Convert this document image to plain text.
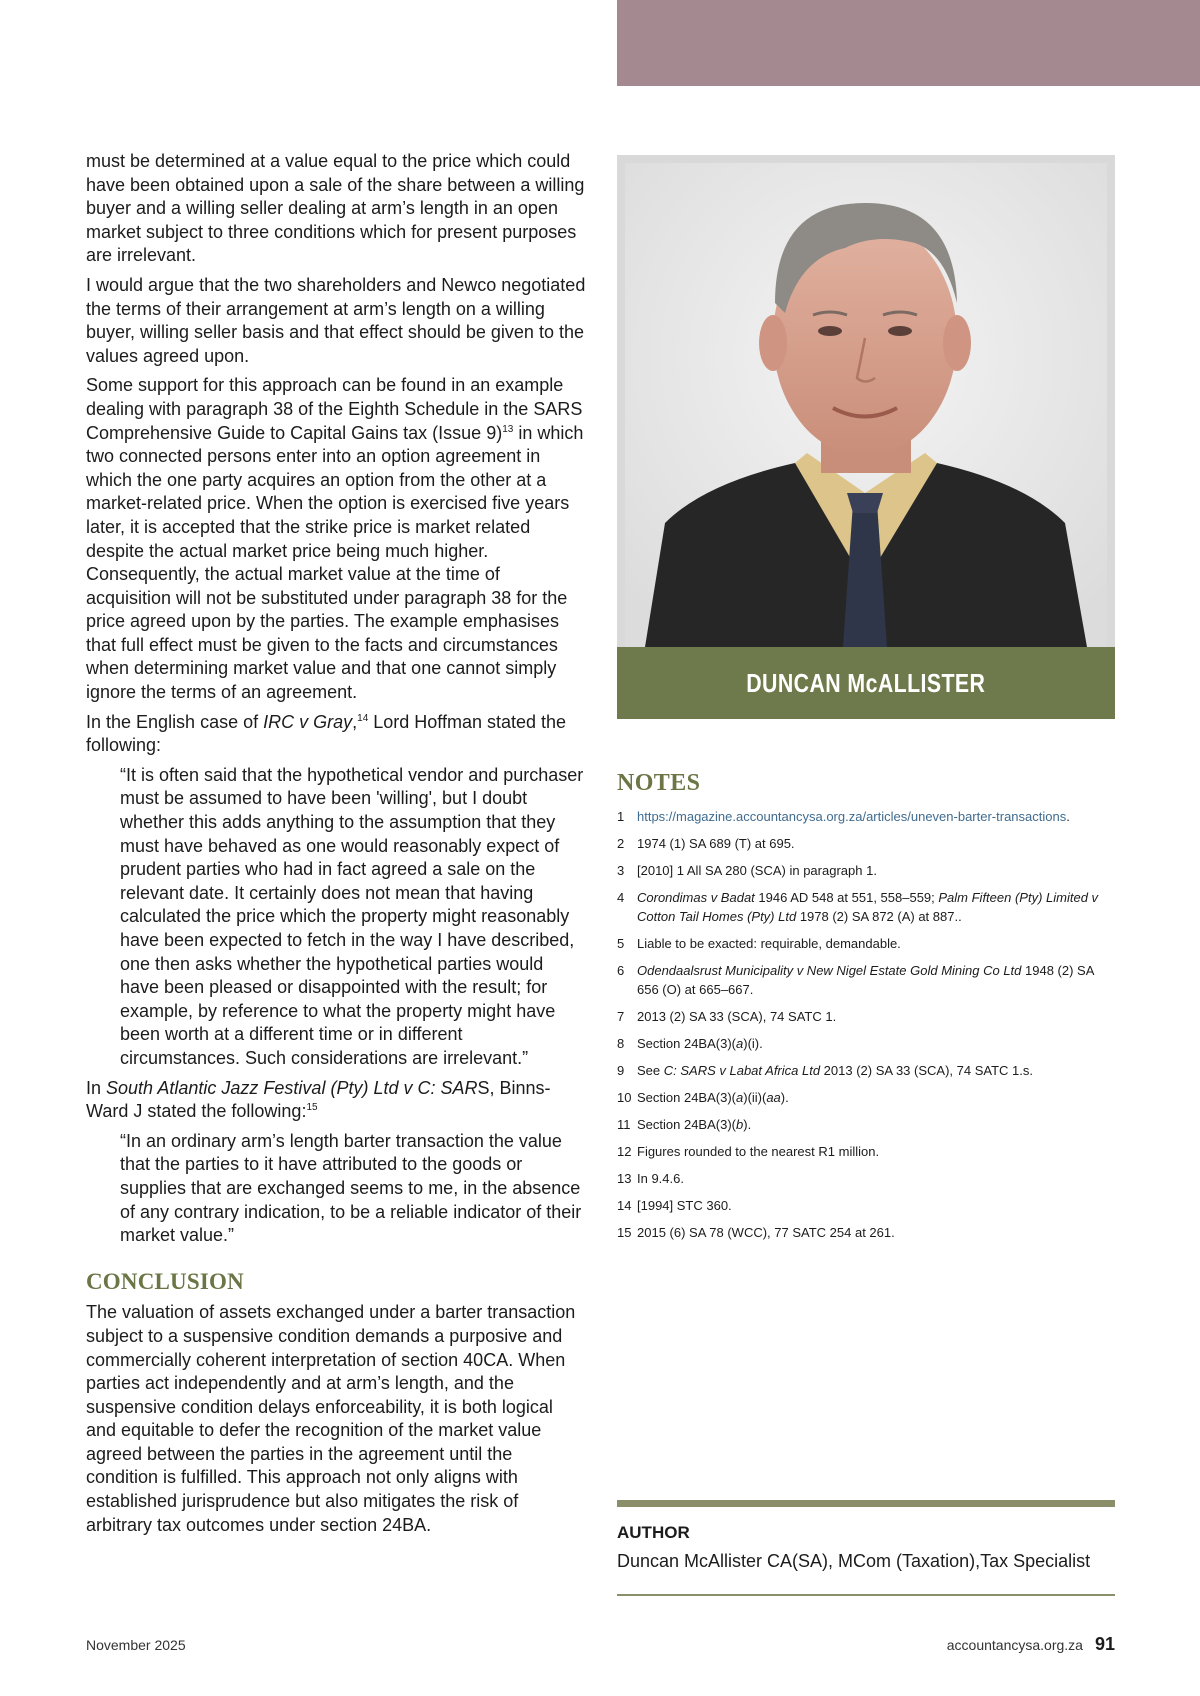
must be determined at a value equal to the price which could have been obtained upon a sale of the share between a willing buyer and a willing seller dealing at arm’s length in an open market subject to three conditions which for present purposes are irrelevant.

I would argue that the two shareholders and Newco negotiated the terms of their arrangement at arm’s length on a willing buyer, willing seller basis and that effect should be given to the values agreed upon.

Some support for this approach can be found in an example dealing with paragraph 38 of the Eighth Schedule in the SARS Comprehensive Guide to Capital Gains tax (Issue 9)$^{13}$ in which two connected persons enter into an option agreement in which the one party acquires an option from the other at a market-related price. When the option is exercised five years later, it is accepted that the strike price is market related despite the actual market price being much higher. Consequently, the actual market value at the time of acquisition will not be substituted under paragraph 38 for the price agreed upon by the parties. The example emphasises that full effect must be given to the facts and circumstances when determining market value and that one cannot simply ignore the terms of an agreement.

In the English case of IRC v Gray,$^{14}$ Lord Hoffman stated the following:

“It is often said that the hypothetical vendor and purchaser must be assumed to have been 'willing', but I doubt whether this adds anything to the assumption that they must have behaved as one would reasonably expect of prudent parties who had in fact agreed a sale on the relevant date. It certainly does not mean that having calculated the price which the property might reasonably have been expected to fetch in the way I have described, one then asks whether the hypothetical parties would have been pleased or disappointed with the result; for example, by reference to what the property might have been worth at a different time or in different circumstances. Such considerations are irrelevant.”

In South Atlantic Jazz Festival (Pty) Ltd v C: SARS, Binns-Ward J stated the following:$^{15}$

“In an ordinary arm’s length barter transaction the value that the parties to it have attributed to the goods or supplies that are exchanged seems to me, in the absence of any contrary indication, to be a reliable indicator of their market value.”

CONCLUSION

The valuation of assets exchanged under a barter transaction subject to a suspensive condition demands a purposive and commercially coherent interpretation of section 40CA. When parties act independently and at arm’s length, and the suspensive condition delays enforceability, it is both logical and equitable to defer the recognition of the market value agreed between the parties in the agreement until the condition is fulfilled. This approach not only aligns with established jurisprudence but also mitigates the risk of arbitrary tax outcomes under section 24BA.

DUNCAN McALLISTER
NOTES
1 https://magazine.accountancysa.org.za/articles/uneven-barter-transactions.
2 1974 (1) SA 689 (T) at 695.
3 [2010] 1 All SA 280 (SCA) in paragraph 1.
4 Corondimas v Badat 1946 AD 548 at 551, 558–559; Palm Fifteen (Pty) Limited v Cotton Tail Homes (Pty) Ltd 1978 (2) SA 872 (A) at 887..
5 Liable to be exacted: requirable, demandable.
6 Odendaalsrust Municipality v New Nigel Estate Gold Mining Co Ltd 1948 (2) SA 656 (O) at 665–667.
7 2013 (2) SA 33 (SCA), 74 SATC 1.
8 Section 24BA(3)(a)(i).
9 See C: SARS v Labat Africa Ltd 2013 (2) SA 33 (SCA), 74 SATC 1.s.
10 Section 24BA(3)(a)(ii)(aa).
11 Section 24BA(3)(b).
12 Figures rounded to the nearest R1 million.
13 In 9.4.6.
14 [1994] STC 360.
15 2015 (6) SA 78 (WCC), 77 SATC 254 at 261.
AUTHOR
Duncan McAllister CA(SA), MCom (Taxation),Tax Specialist
November 2025	accountancysa.org.za 91
